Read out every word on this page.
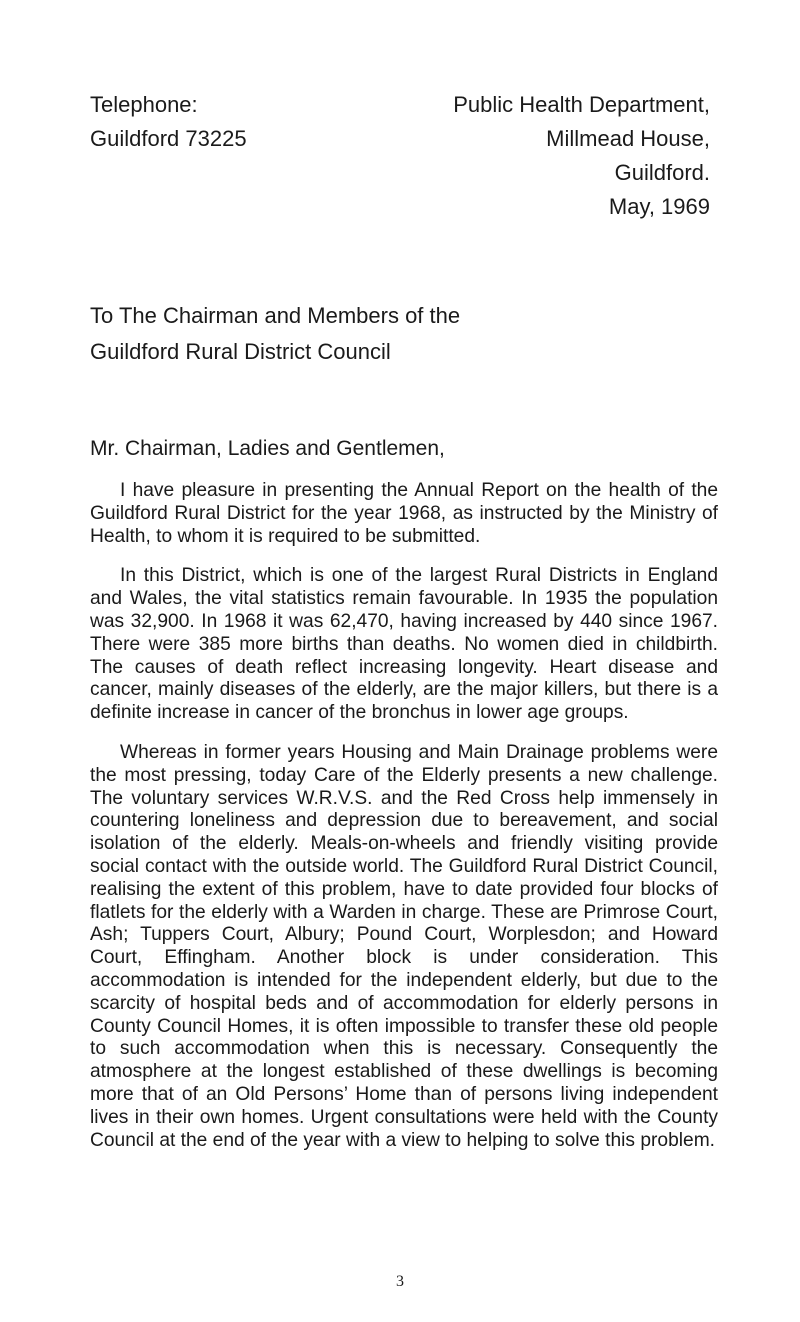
Telephone:
Guildford 73225
Public Health Department,
Millmead House,
Guildford.
May, 1969
To The Chairman and Members of the
Guildford Rural District Council
Mr. Chairman, Ladies and Gentlemen,

I have pleasure in presenting the Annual Report on the health of the Guildford Rural District for the year 1968, as instructed by the Ministry of Health, to whom it is required to be submitted.

In this District, which is one of the largest Rural Districts in England and Wales, the vital statistics remain favourable. In 1935 the population was 32,900. In 1968 it was 62,470, having increased by 440 since 1967. There were 385 more births than deaths. No women died in childbirth. The causes of death reflect increasing longevity. Heart disease and cancer, mainly diseases of the elderly, are the major killers, but there is a definite increase in cancer of the bronchus in lower age groups.

Whereas in former years Housing and Main Drainage problems were the most pressing, today Care of the Elderly presents a new challenge. The voluntary services W.R.V.S. and the Red Cross help immensely in countering loneliness and depression due to bereavement, and social isolation of the elderly. Meals-on-wheels and friendly visiting provide social contact with the outside world. The Guildford Rural District Council, realising the extent of this problem, have to date provided four blocks of flatlets for the elderly with a Warden in charge. These are Primrose Court, Ash; Tuppers Court, Albury; Pound Court, Worplesdon; and Howard Court, Effingham. Another block is under consideration. This accommodation is intended for the independent elderly, but due to the scarcity of hospital beds and of accommodation for elderly persons in County Council Homes, it is often impossible to transfer these old people to such accommodation when this is necessary. Consequently the atmosphere at the longest established of these dwellings is becoming more that of an Old Persons’ Home than of persons living independent lives in their own homes. Urgent consultations were held with the County Council at the end of the year with a view to helping to solve this problem.

3
